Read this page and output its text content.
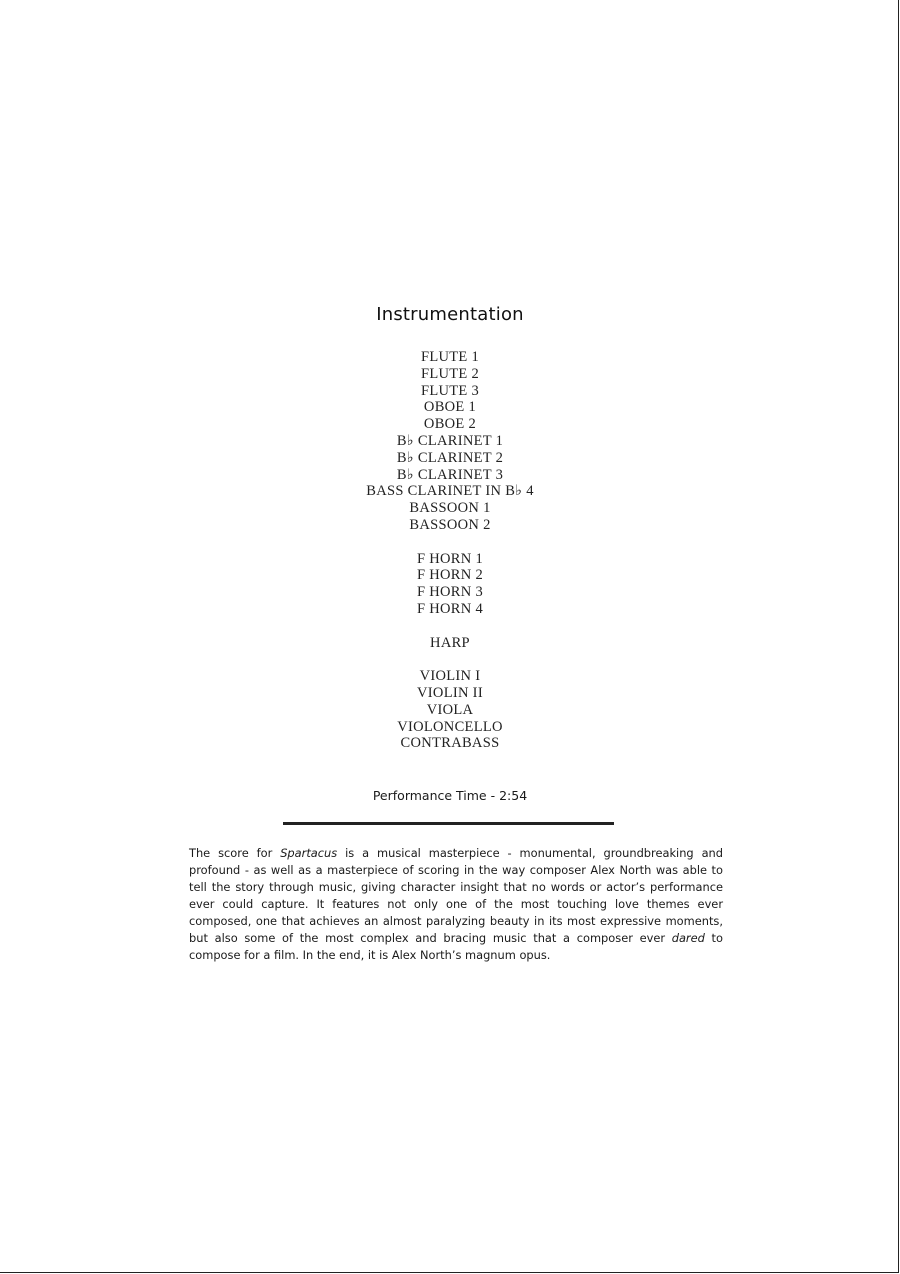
Instrumentation
FLUTE 1
FLUTE 2
FLUTE 3
OBOE 1
OBOE 2
B♭ CLARINET 1
B♭ CLARINET 2
B♭ CLARINET 3
BASS CLARINET IN B♭ 4
BASSOON 1
BASSOON 2
F HORN 1
F HORN 2
F HORN 3
F HORN 4
HARP
VIOLIN I
VIOLIN II
VIOLA
VIOLONCELLO
CONTRABASS
Performance Time - 2:54

The score for Spartacus is a musical masterpiece - monumental, groundbreaking and profound - as well as a masterpiece of scoring in the way composer Alex North was able to tell the story through music, giving character insight that no words or actor’s performance ever could capture. It features not only one of the most touching love themes ever composed, one that achieves an almost paralyzing beauty in its most expressive moments, but also some of the most complex and bracing music that a composer ever dared to compose for a film. In the end, it is Alex North’s magnum opus.
